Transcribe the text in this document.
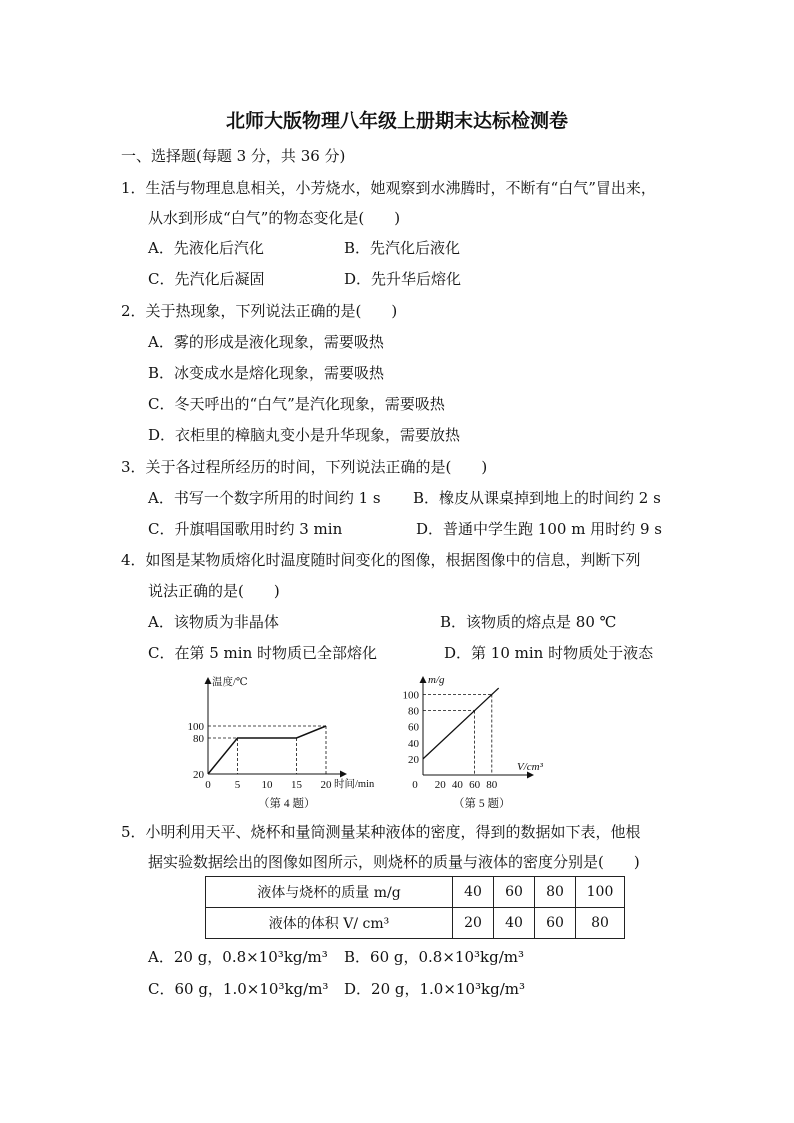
北师大版物理八年级上册期末达标检测卷
一、选择题(每题 3 分，共 36 分)
1．生活与物理息息相关，小芳烧水，她观察到水沸腾时，不断有“白气”冒出来，
从水到形成“白气”的物态变化是(　　)
A．先液化后汽化	B．先汽化后液化
C．先汽化后凝固	D．先升华后熔化
2．关于热现象，下列说法正确的是(　　)
A．雾的形成是液化现象，需要吸热
B．冰变成水是熔化现象，需要吸热
C．冬天呼出的“白气”是汽化现象，需要吸热
D．衣柜里的樟脑丸变小是升华现象，需要放热
3．关于各过程所经历的时间，下列说法正确的是(　　)
A．书写一个数字所用的时间约 1 s B．橡皮从课桌掉到地上的时间约 2 s
C．升旗唱国歌用时约 3 min	D．普通中学生跑 100 m 用时约 9 s
4．如图是某物质熔化时温度随时间变化的图像，根据图像中的信息，判断下列
说法正确的是(　　)
A．该物质为非晶体	B．该物质的熔点是 80 ℃
C．在第 5 min 时物质已全部熔化	D．第 10 min 时物质处于液态
0 5 10 15 20
20
80
100
温度/℃
时间/min
（第 4 题）
0 20 40 60 80
20
40
60
80
100
m/g
V/cm³
（第 5 题）
5．小明利用天平、烧杯和量筒测量某种液体的密度，得到的数据如下表，他根
据实验数据绘出的图像如图所示，则烧杯的质量与液体的密度分别是(　　)
液体与烧杯的质量 m/g	40	60	80	100
液体的体积 V/ cm³	20	40	60	80
A．20 g，0.8×10³kg/m³ B．60 g，0.8×10³kg/m³
C．60 g，1.0×10³kg/m³ D．20 g，1.0×10³kg/m³
